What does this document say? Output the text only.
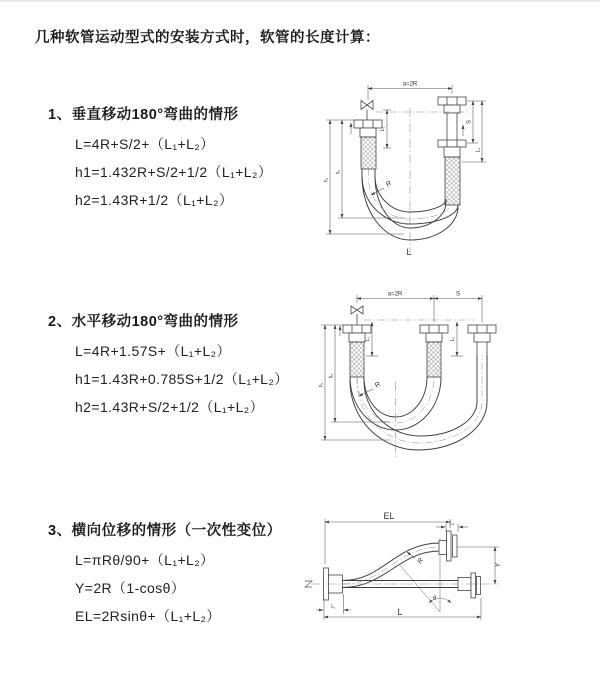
几种软管运动型式的安装方式时，软管的长度计算：
1、垂直移动180°弯曲的情形
L=4R+S/2+（L₁+L₂）
h1=1.432R+S/2+1/2（L₁+L₂）
h2=1.43R+1/2（L₁+L₂）
2、水平移动180°弯曲的情形
L=4R+1.57S+（L₁+L₂）
h1=1.43R+0.785S+1/2（L₁+L₂）
h2=1.43R+S/2+1/2（L₁+L₂）
3、横向位移的情形（一次性变位）
L=πRθ/90+（L₁+L₂）
Y=2R（1-cosθ）
EL=2Rsinθ+（L₁+L₂）
a=2R
L₁
S
L₂
h₁
h₂
R
L
a=2R	S
L₁	L₂
h₁
h₂
R
EL
L₂
Y
R
θ
L
L₁
